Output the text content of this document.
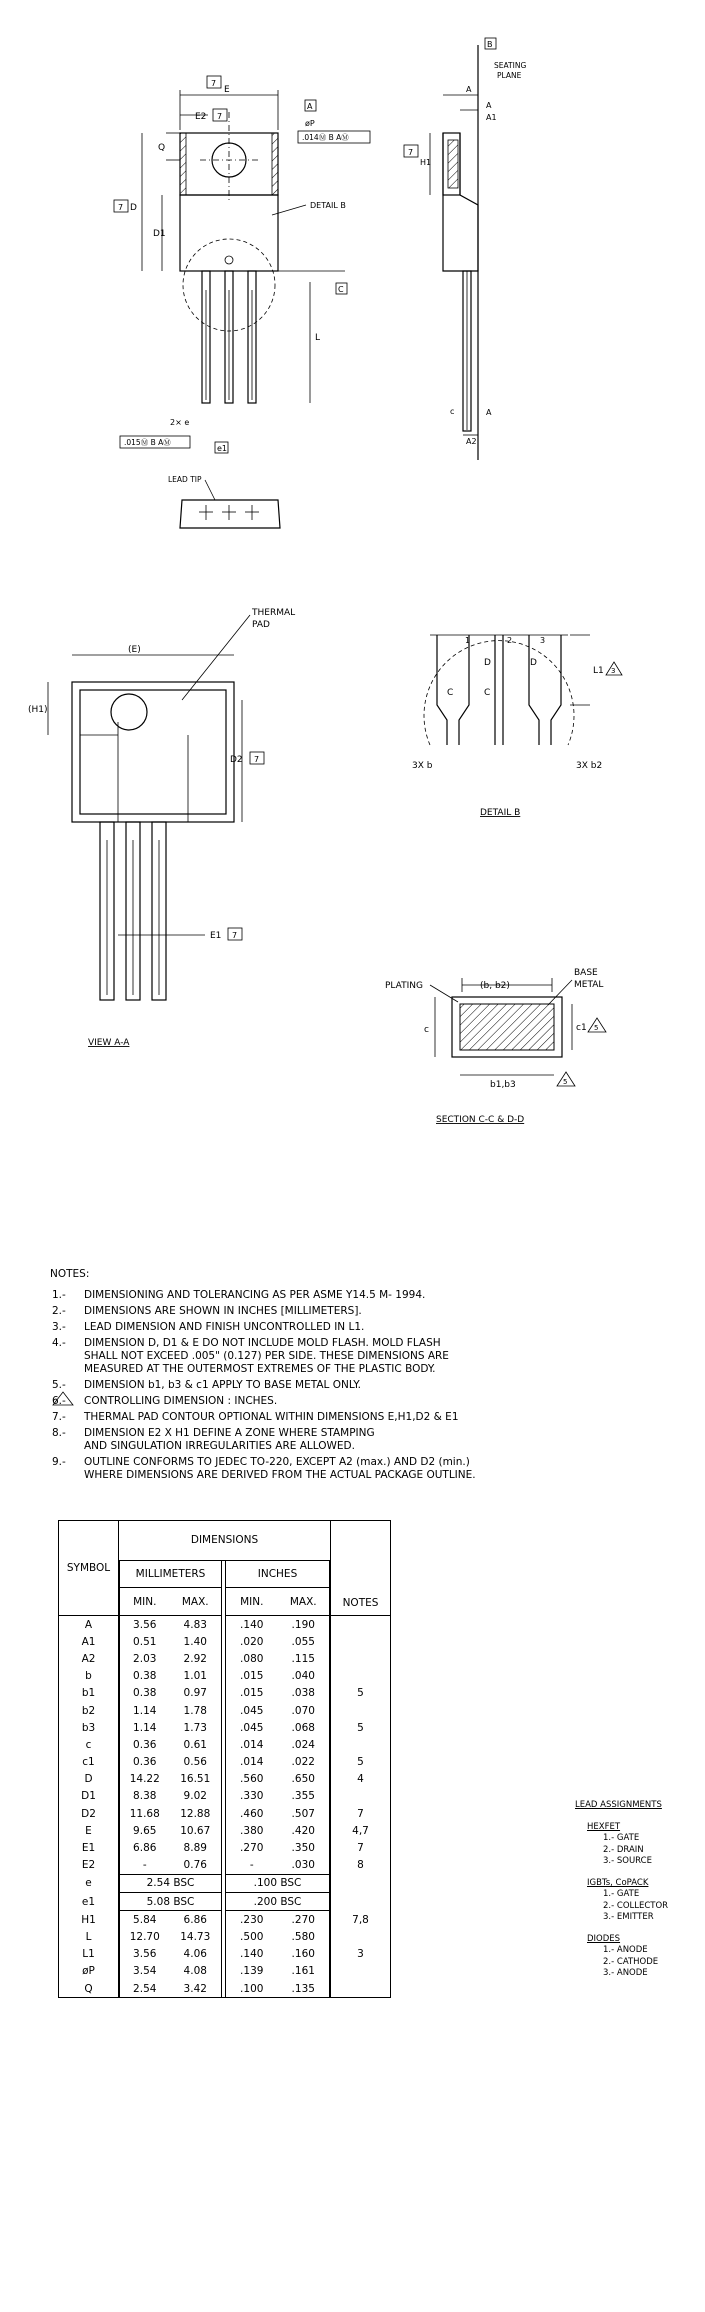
E
7
E2 7
A
øP
.014Ⓜ B AⓂ
Q
D
7
D1
DETAIL B
C
L
2× e
.015Ⓜ B AⓂ
e1
LEAD TIP
B
SEATING
PLANE
A
A
A1
H1
7
c	A
A2
(E)
THERMAL
PAD
(H1)
D2 7
E1 7
VIEW A-A
1	2	3
C
D
C
D
L1 3
3X b	3X b2
DETAIL B
(b, b2)
PLATING
BASE
METAL
c	c1 5
b1,b3	5
SECTION C-C & D-D
NOTES:
1.-	DIMENSIONING AND TOLERANCING AS PER ASME Y14.5 M- 1994.
2.-	DIMENSIONS ARE SHOWN IN INCHES [MILLIMETERS].
3.-	LEAD DIMENSION AND FINISH UNCONTROLLED IN L1.
4.-	DIMENSION D, D1 & E DO NOT INCLUDE MOLD FLASH. MOLD FLASH
SHALL NOT EXCEED .005" (0.127) PER SIDE. THESE DIMENSIONS ARE
MEASURED AT THE OUTERMOST EXTREMES OF THE PLASTIC BODY.
5.-	DIMENSION b1, b3 & c1 APPLY TO BASE METAL ONLY.
6.-	CONTROLLING DIMENSION : INCHES.
7.-	THERMAL PAD CONTOUR OPTIONAL WITHIN DIMENSIONS E,H1,D2 & E1
8.-	DIMENSION E2 X H1 DEFINE A ZONE WHERE STAMPING
AND SINGULATION IRREGULARITIES ARE ALLOWED.
9.-	OUTLINE CONFORMS TO JEDEC TO-220, EXCEPT A2 (max.) AND D2 (min.)
WHERE DIMENSIONS ARE DERIVED FROM THE ACTUAL PACKAGE OUTLINE.
SYMBOL	DIMENSIONS					NOTES
	MILLIMETERS			INCHES		
	MIN.	MAX.		MIN.	MAX.	
A		3.56	4.83		.140	.190		
A1		0.51	1.40		.020	.055		
A2		2.03	2.92		.080	.115		
b		0.38	1.01		.015	.040		
b1		0.38	0.97		.015	.038		5
b2		1.14	1.78		.045	.070		
b3		1.14	1.73		.045	.068		5
c		0.36	0.61		.014	.024		
c1		0.36	0.56		.014	.022		5
D		14.22	16.51		.560	.650		4
D1		8.38	9.02		.330	.355		
D2		11.68	12.88		.460	.507		7
E		9.65	10.67		.380	.420		4,7
E1		6.86	8.89		.270	.350		7
E2		-	0.76		-	.030		8
e		2.54 BSC			.100 BSC		
e1		5.08 BSC			.200 BSC		
H1		5.84	6.86		.230	.270		7,8
L		12.70	14.73		.500	.580		
L1		3.56	4.06		.140	.160		3
øP		3.54	4.08		.139	.161		
Q		2.54	3.42		.100	.135		
LEAD ASSIGNMENTS
HEXFET
1.- GATE
2.- DRAIN
3.- SOURCE
IGBTs, CoPACK
1.- GATE
2.- COLLECTOR
3.- EMITTER
DIODES
1.- ANODE
2.- CATHODE
3.- ANODE
